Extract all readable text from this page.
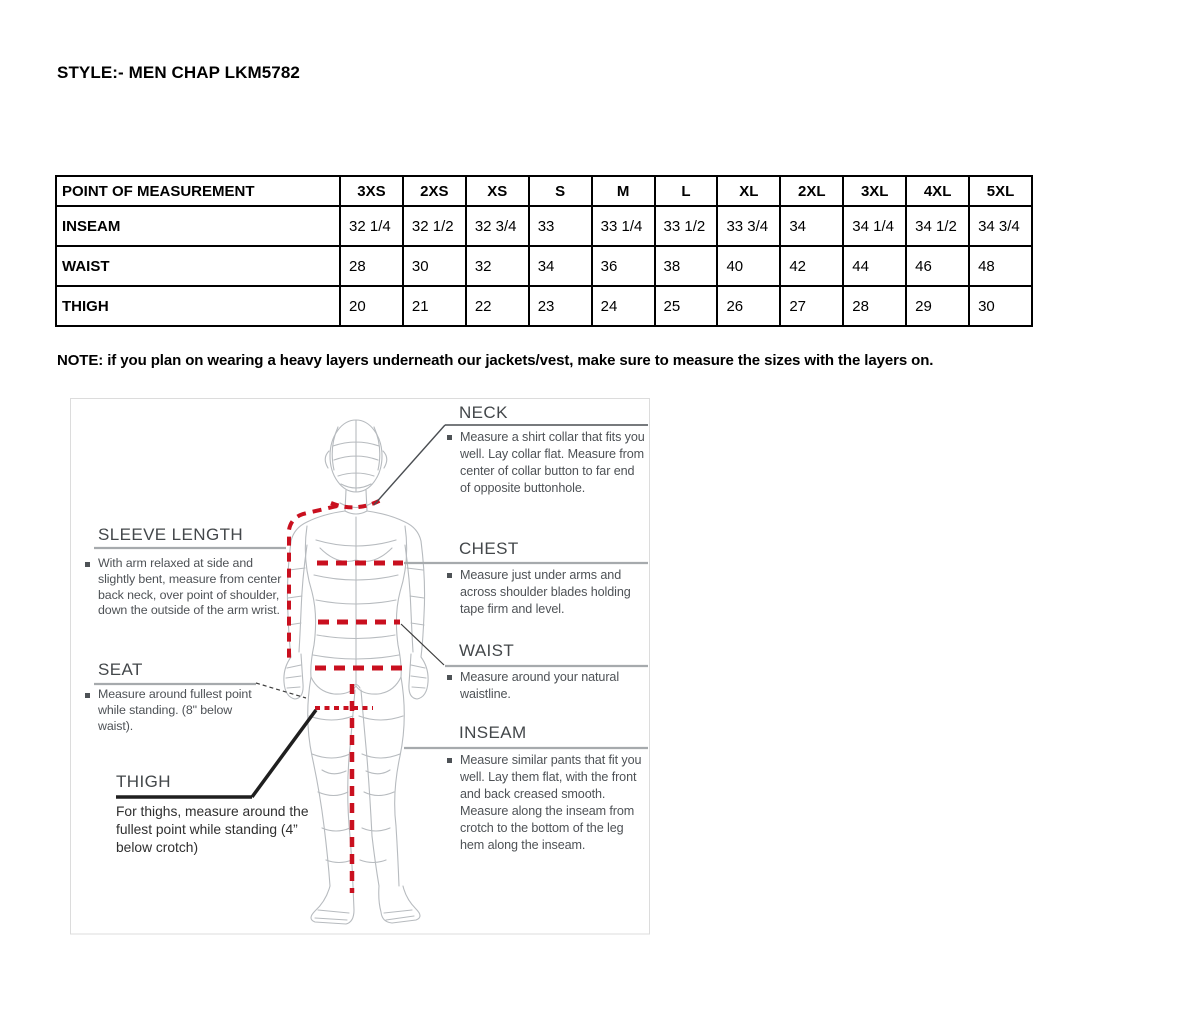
STYLE:- MEN CHAP LKM5782
POINT OF MEASUREMENT	3XS	2XS	XS	S	M	L	XL	2XL	3XL	4XL	5XL
INSEAM	32 1/4	32 1/2	32 3/4	33	33 1/4	33 1/2	33 3/4	34	34 1/4	34 1/2	34 3/4
WAIST	28	30	32	34	36	38	40	42	44	46	48
THIGH	20	21	22	23	24	25	26	27	28	29	30
NOTE: if you plan on wearing a heavy layers underneath our jackets/vest, make sure to measure the sizes with the layers on.
NECK
Measure a shirt collar that fits you well. Lay collar flat. Measure from center of collar button to far end of opposite buttonhole.
CHEST
Measure just under arms and across shoulder blades holding tape firm and level.
WAIST
Measure around your natural waistline.
INSEAM
Measure similar pants that fit you well. Lay them flat, with the front and back creased smooth. Measure along the inseam from crotch to the bottom of the leg hem along the inseam.
SLEEVE LENGTH
With arm relaxed at side and slightly bent, measure from center back neck, over point of shoulder, down the outside of the arm wrist.
SEAT
Measure around fullest point while standing. (8" below waist).
THIGH
For thighs, measure around the fullest point while standing (4” below crotch)
